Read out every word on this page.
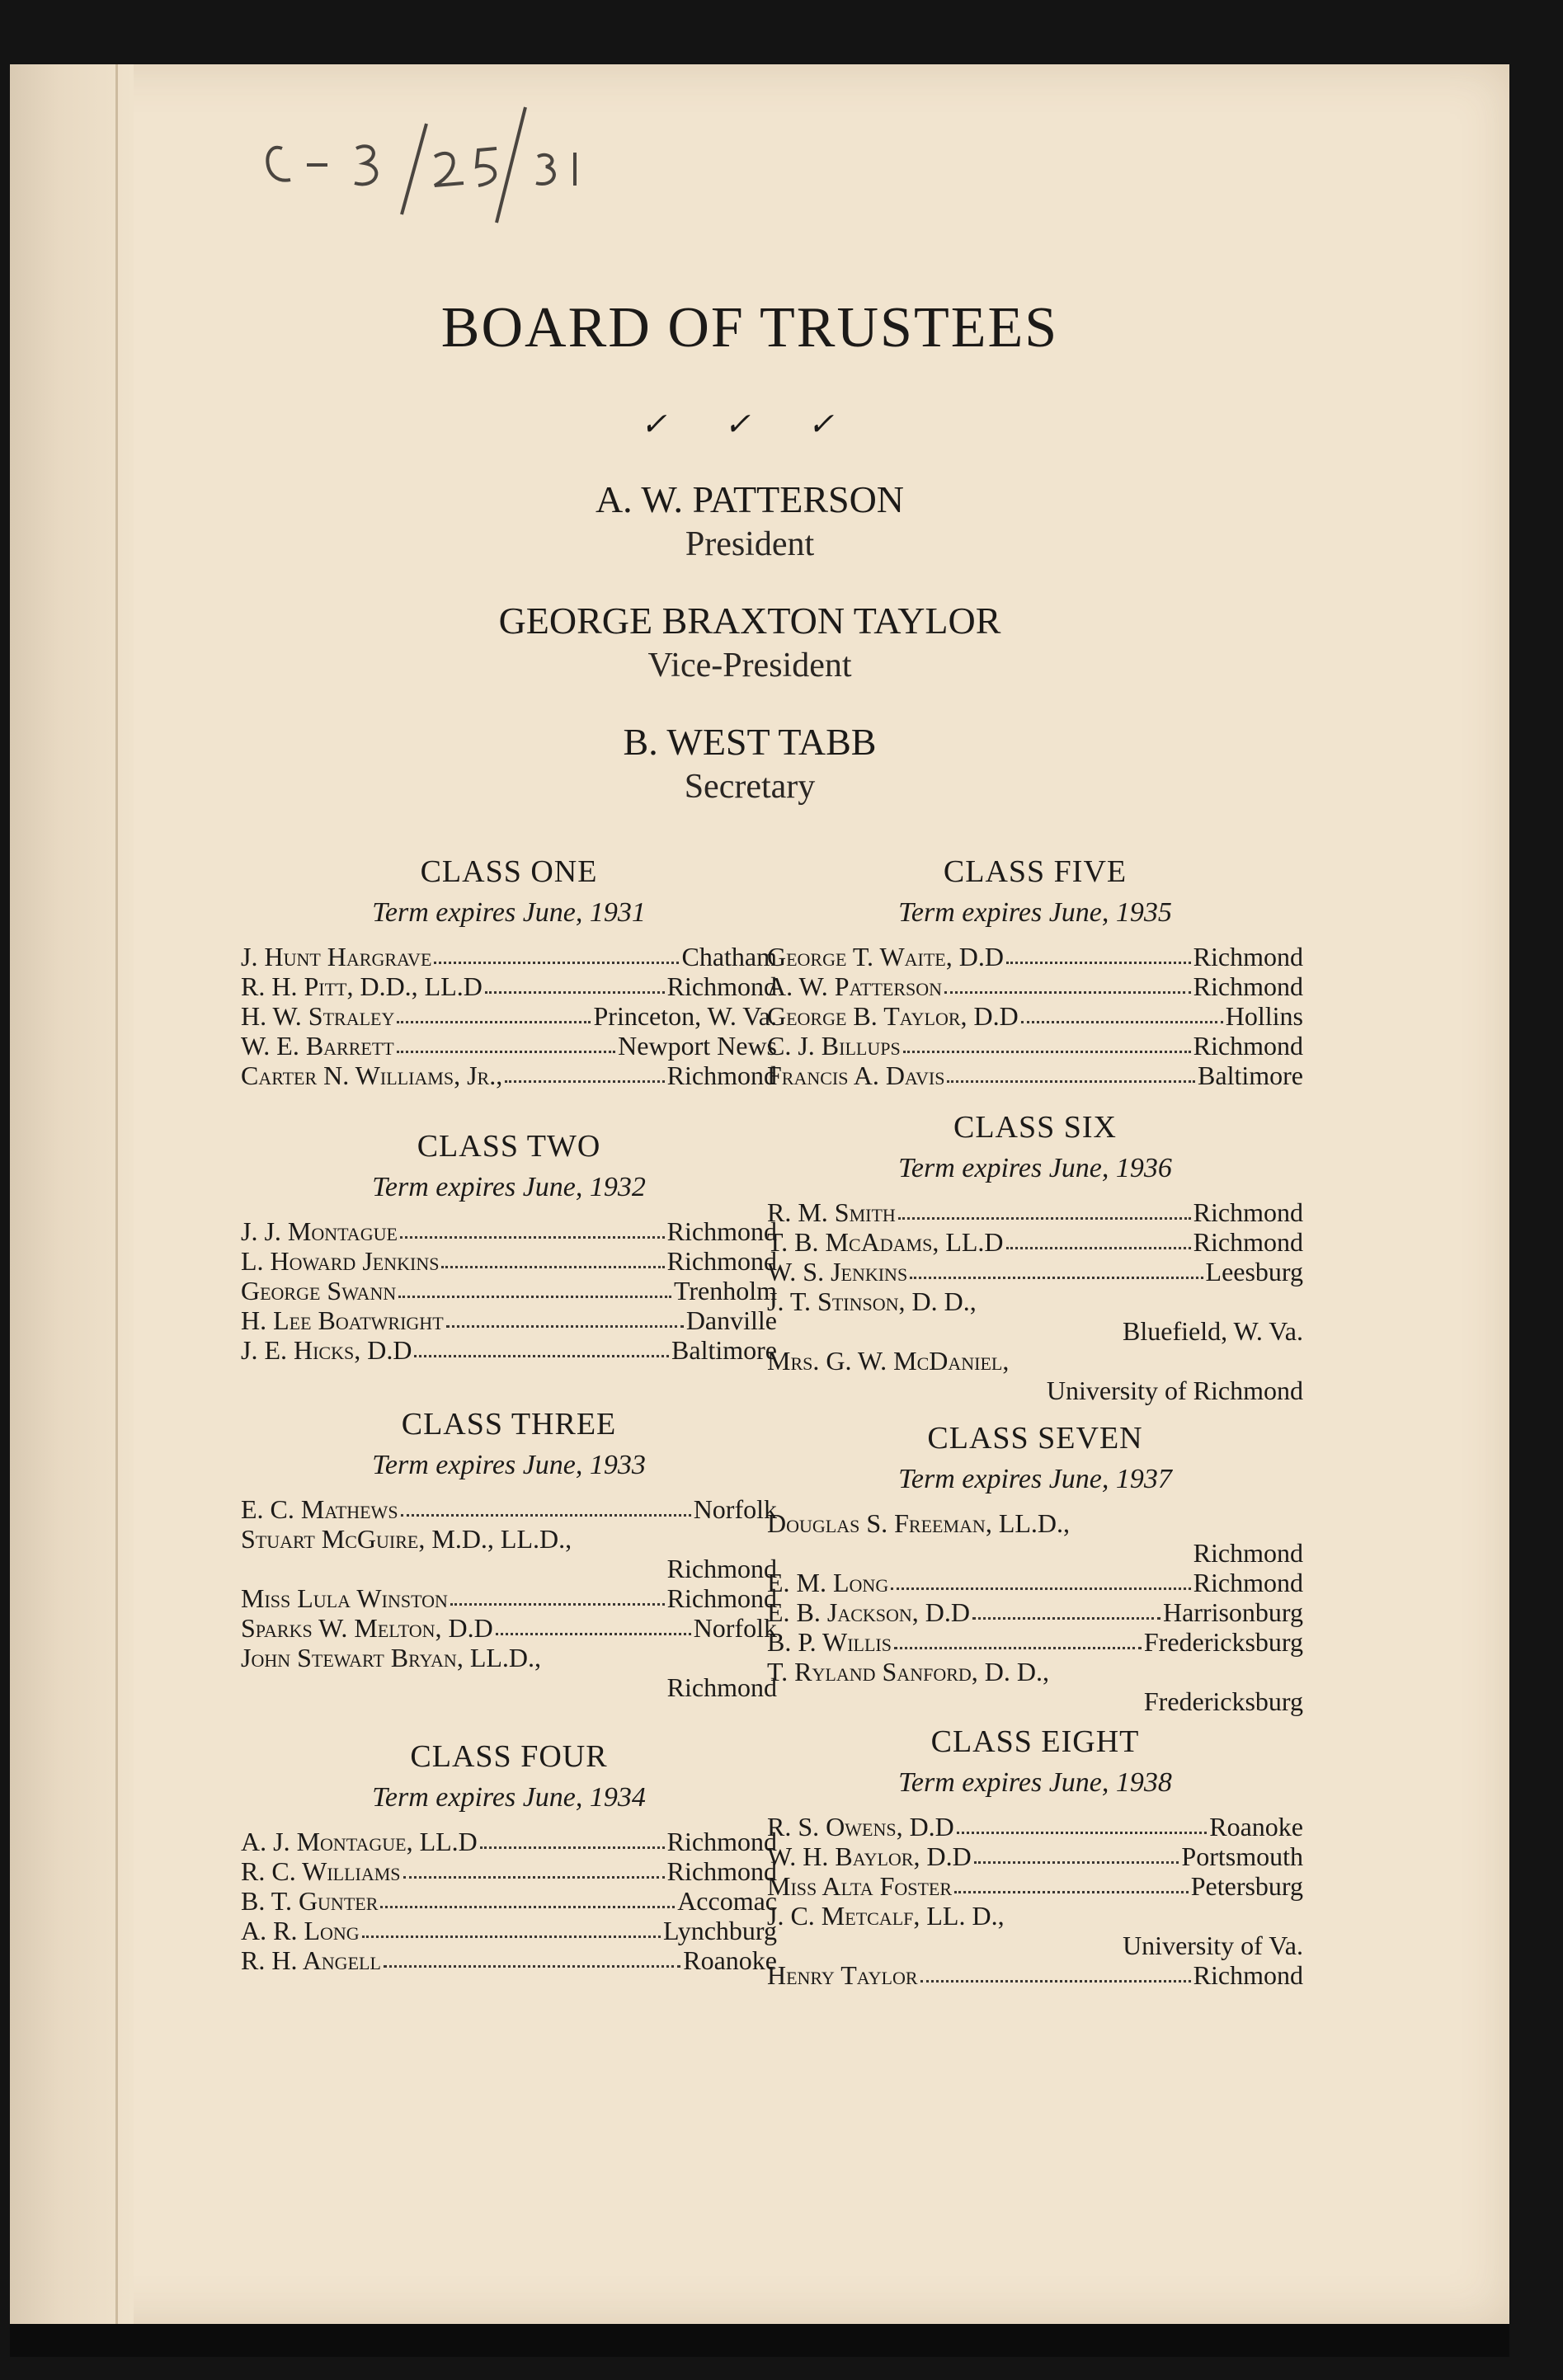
BOARD OF TRUSTEES
✓ ✓ ✓
A. W. PATTERSON
President
GEORGE BRAXTON TAYLOR
Vice-President
B. WEST TABB
Secretary
CLASS ONE
Term expires June, 1931
J. Hunt Hargrave	Chatham
R. H. Pitt, D.D., LL.D	Richmond
H. W. Straley	Princeton, W. Va.
W. E. Barrett	Newport News
Carter N. Williams, Jr.,	Richmond
CLASS TWO
Term expires June, 1932
J. J. Montague	Richmond
L. Howard Jenkins	Richmond
George Swann	Trenholm
H. Lee Boatwright	Danville
J. E. Hicks, D.D	Baltimore
CLASS THREE
Term expires June, 1933
E. C. Mathews	Norfolk
Stuart McGuire, M.D., LL.D.,
Richmond
Miss Lula Winston	Richmond
Sparks W. Melton, D.D	Norfolk
John Stewart Bryan, LL.D.,
Richmond
CLASS FOUR
Term expires June, 1934
A. J. Montague, LL.D	Richmond
R. C. Williams	Richmond
B. T. Gunter	Accomac
A. R. Long	Lynchburg
R. H. Angell	Roanoke
CLASS FIVE
Term expires June, 1935
George T. Waite, D.D	Richmond
A. W. Patterson	Richmond
George B. Taylor, D.D	Hollins
C. J. Billups	Richmond
Francis A. Davis	Baltimore
CLASS SIX
Term expires June, 1936
R. M. Smith	Richmond
T. B. McAdams, LL.D	Richmond
W. S. Jenkins	Leesburg
J. T. Stinson, D. D.,
Bluefield, W. Va.
Mrs. G. W. McDaniel,
University of Richmond
CLASS SEVEN
Term expires June, 1937
Douglas S. Freeman, LL.D.,
Richmond
E. M. Long	Richmond
E. B. Jackson, D.D	Harrisonburg
B. P. Willis	Fredericksburg
T. Ryland Sanford, D. D.,
Fredericksburg
CLASS EIGHT
Term expires June, 1938
R. S. Owens, D.D	Roanoke
W. H. Baylor, D.D	Portsmouth
Miss Alta Foster	Petersburg
J. C. Metcalf, LL. D.,
University of Va.
Henry Taylor	Richmond
